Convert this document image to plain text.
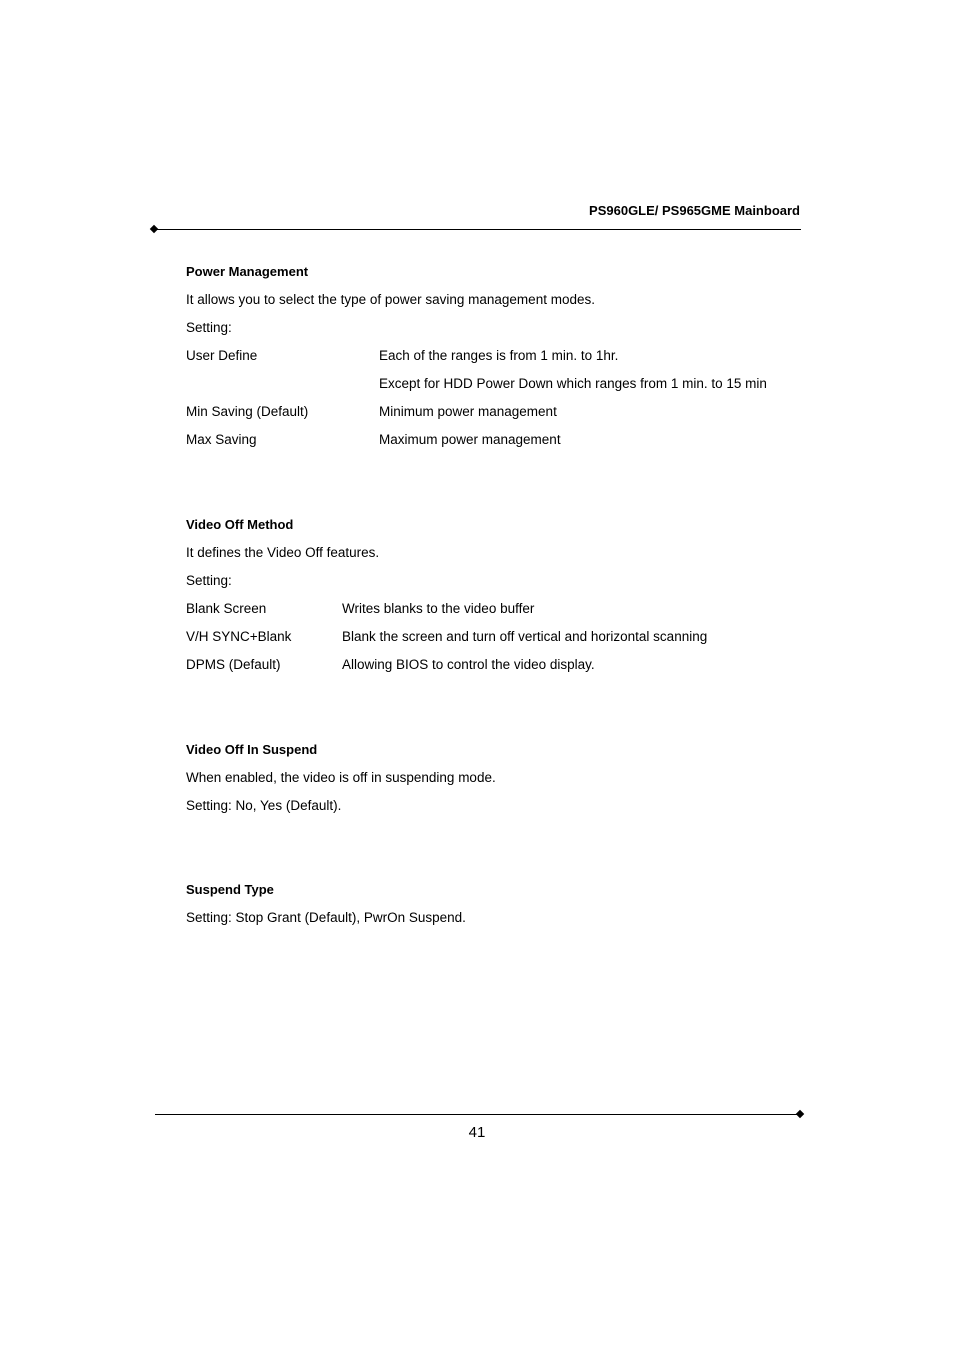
PS960GLE/ PS965GME Mainboard
Power Management
It allows you to select the type of power saving management modes.
Setting:
User Define	Each of the ranges is from 1 min. to 1hr.
Except for HDD Power Down which ranges from 1 min. to 15 min
Min Saving (Default)	Minimum power management
Max Saving	Maximum power management
Video Off Method
It defines the Video Off features.
Setting:
Blank Screen	Writes blanks to the video buffer
V/H SYNC+Blank	Blank the screen and turn off vertical and horizontal scanning
DPMS (Default)	Allowing BIOS to control the video display.
Video Off In Suspend
When enabled, the video is off in suspending mode.
Setting: No, Yes (Default).
Suspend Type
Setting: Stop Grant (Default), PwrOn Suspend.
41
